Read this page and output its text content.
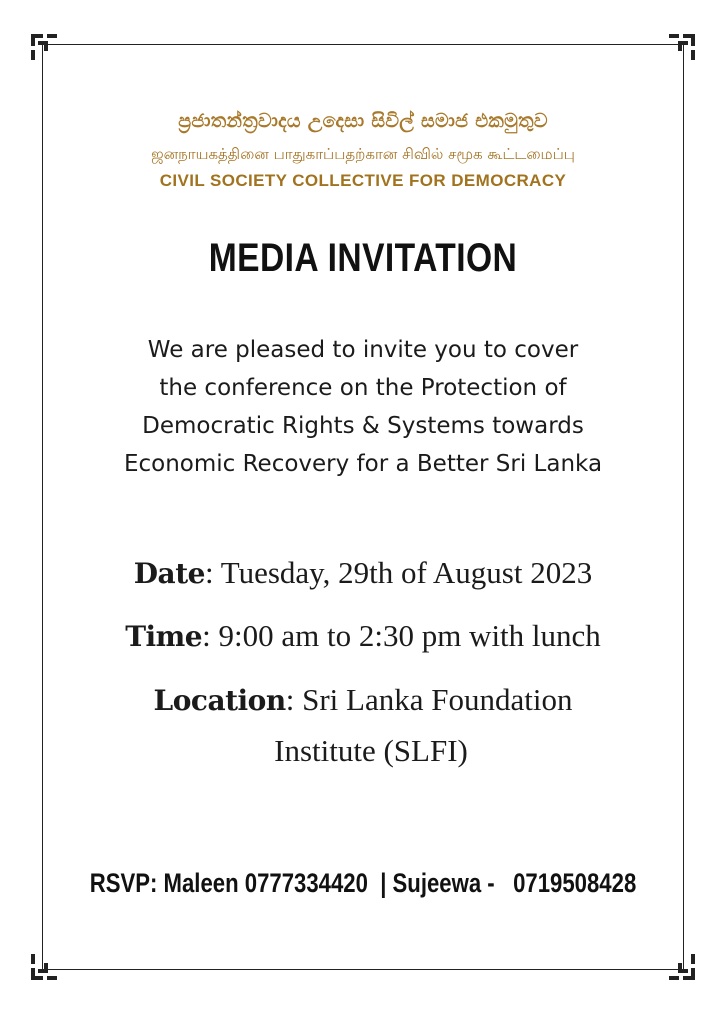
ප්‍රජාතන්ත්‍රවාදය උදෙසා සිවිල් සමාජ එකමුතුව
ஜனநாயகத்தினை பாதுகாப்பதற்கான சிவில் சமூக கூட்டமைப்பு
CIVIL SOCIETY COLLECTIVE FOR DEMOCRACY
MEDIA INVITATION
We are pleased to invite you to cover
the conference on the Protection of
Democratic Rights & Systems towards
Economic Recovery for a Better Sri Lanka
Date: Tuesday, 29th of August 2023
Time: 9:00 am to 2:30 pm with lunch
Location: Sri Lanka Foundation
Institute (SLFI)
RSVP: Maleen 0777334420  | Sujeewa -   0719508428
